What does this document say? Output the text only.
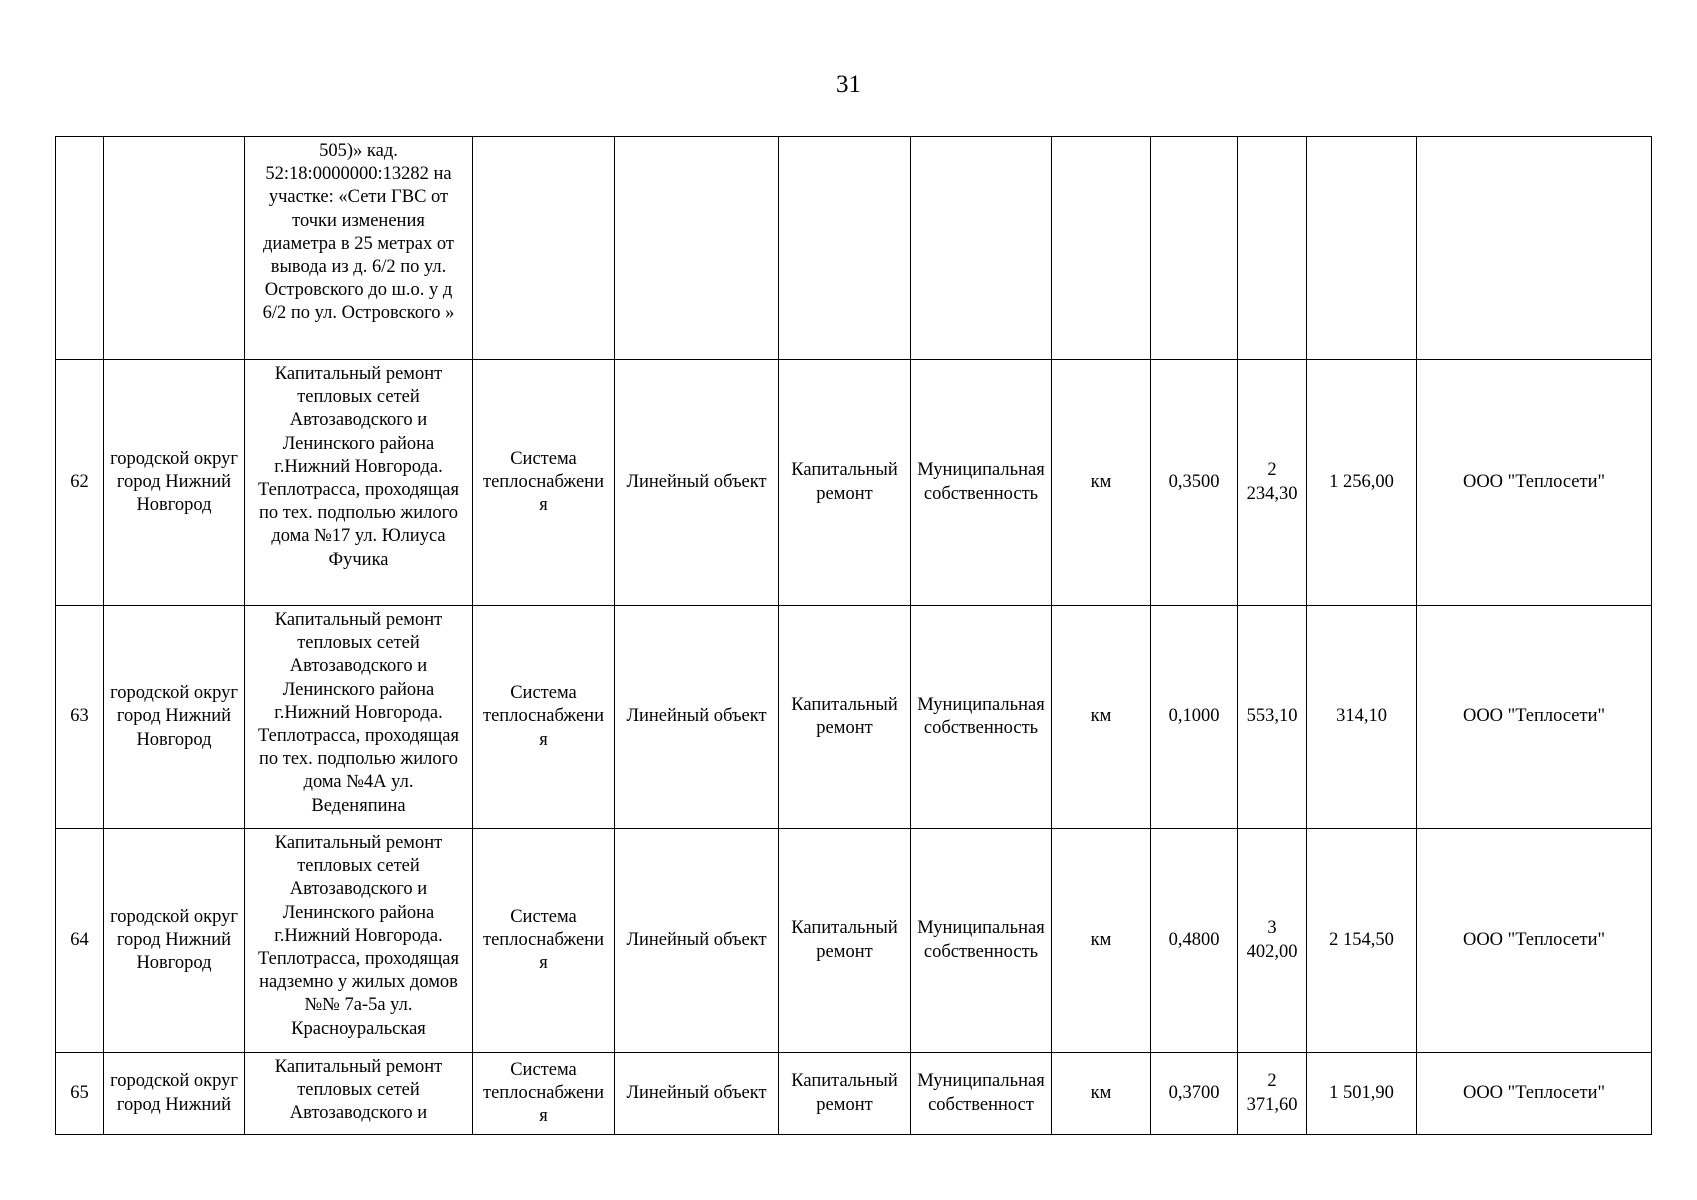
31
		505)» кад. 52:18:0000000:13282 на участке: «Сети ГВС от точки изменения диаметра в 25 метрах от вывода из д. 6/2 по ул. Островского до ш.о. у д 6/2 по ул. Островского »									
62	городской округ город Нижний Новгород	Капитальный ремонт тепловых сетей Автозаводского и Ленинского района г.Нижний Новгорода. Теплотрасса, проходящая по тех. подполью жилого дома №17 ул. Юлиуса Фучика	Система теплоснабжения	Линейный объект	Капитальный ремонт	Муниципальная собственность	км	0,3500	2 234,30	1 256,00	ООО "Теплосети"
63	городской округ город Нижний Новгород	Капитальный ремонт тепловых сетей Автозаводского и Ленинского района г.Нижний Новгорода. Теплотрасса, проходящая по тех. подполью жилого дома №4А ул. Веденяпина	Система теплоснабжения	Линейный объект	Капитальный ремонт	Муниципальная собственность	км	0,1000	553,10	314,10	ООО "Теплосети"
64	городской округ город Нижний Новгород	Капитальный ремонт тепловых сетей Автозаводского и Ленинского района г.Нижний Новгорода. Теплотрасса, проходящая надземно у жилых домов №№ 7а-5а ул. Красноуральская	Система теплоснабжения	Линейный объект	Капитальный ремонт	Муниципальная собственность	км	0,4800	3 402,00	2 154,50	ООО "Теплосети"
65	городской округ город Нижний	Капитальный ремонт тепловых сетей Автозаводского и	Система теплоснабжения	Линейный объект	Капитальный ремонт	Муниципальная собственност	км	0,3700	2 371,60	1 501,90	ООО "Теплосети"
